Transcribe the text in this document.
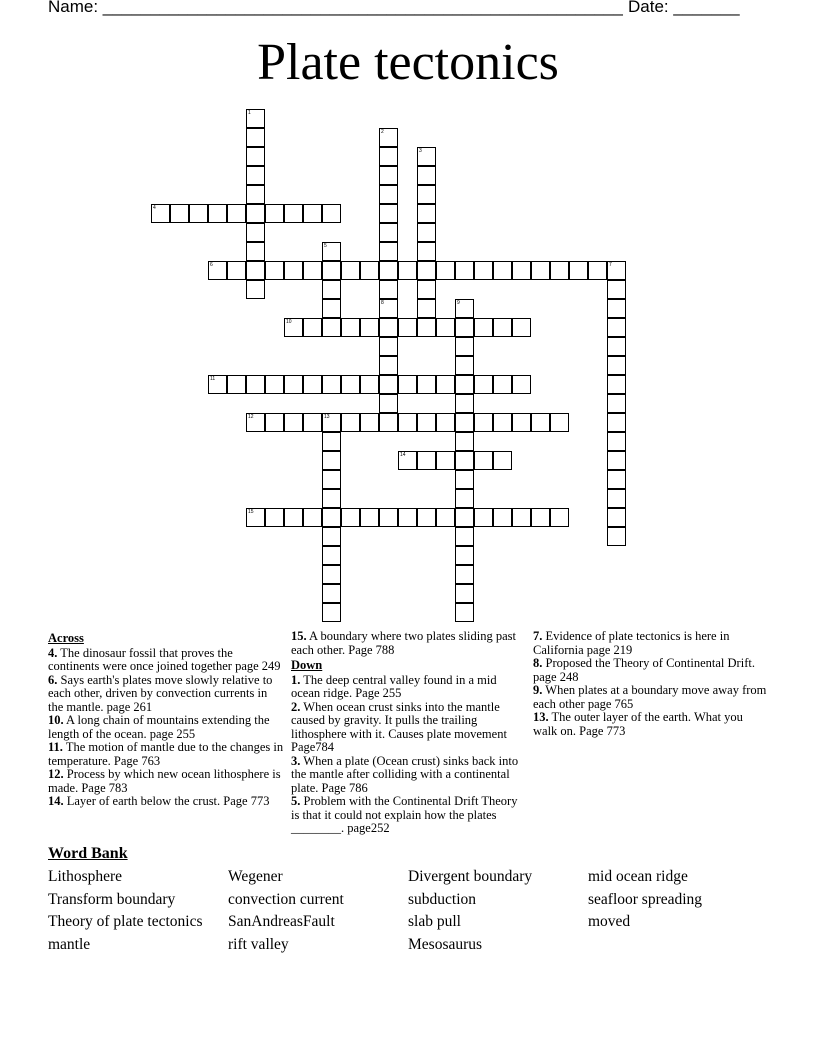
Name: _______________________________________________________ Date: _______
Plate tectonics
1
2
3
4
5
6	7
8	9
10
11
12	13
14
15
Across

4. The dinosaur fossil that proves the continents were once joined together page 249

6. Says earth's plates move slowly relative to each other, driven by convection currents in the mantle. page 261

10. A long chain of mountains extending the length of the ocean. page 255

11. The motion of mantle due to the changes in temperature. Page 763

12. Process by which new ocean lithosphere is made. Page 783

14. Layer of earth below the crust. Page 773

15. A boundary where two plates sliding past each other. Page 788

Down

1. The deep central valley found in a mid ocean ridge. Page 255

2. When ocean crust sinks into the mantle caused by gravity. It pulls the trailing lithosphere with it. Causes plate movement Page784

3. When a plate (Ocean crust) sinks back into the mantle after colliding with a continental plate. Page 786

5. Problem with the Continental Drift Theory is that it could not explain how the plates ________. page252

7. Evidence of plate tectonics is here in California page 219

8. Proposed the Theory of Continental Drift. page 248

9. When plates at a boundary move away from each other page 765

13. The outer layer of the earth. What you walk on. Page 773

Word Bank
Lithosphere
Transform boundary
Theory of plate tectonics
mantle
Wegener
convection current
SanAndreasFault
rift valley
Divergent boundary
subduction
slab pull
Mesosaurus
mid ocean ridge
seafloor spreading
moved
